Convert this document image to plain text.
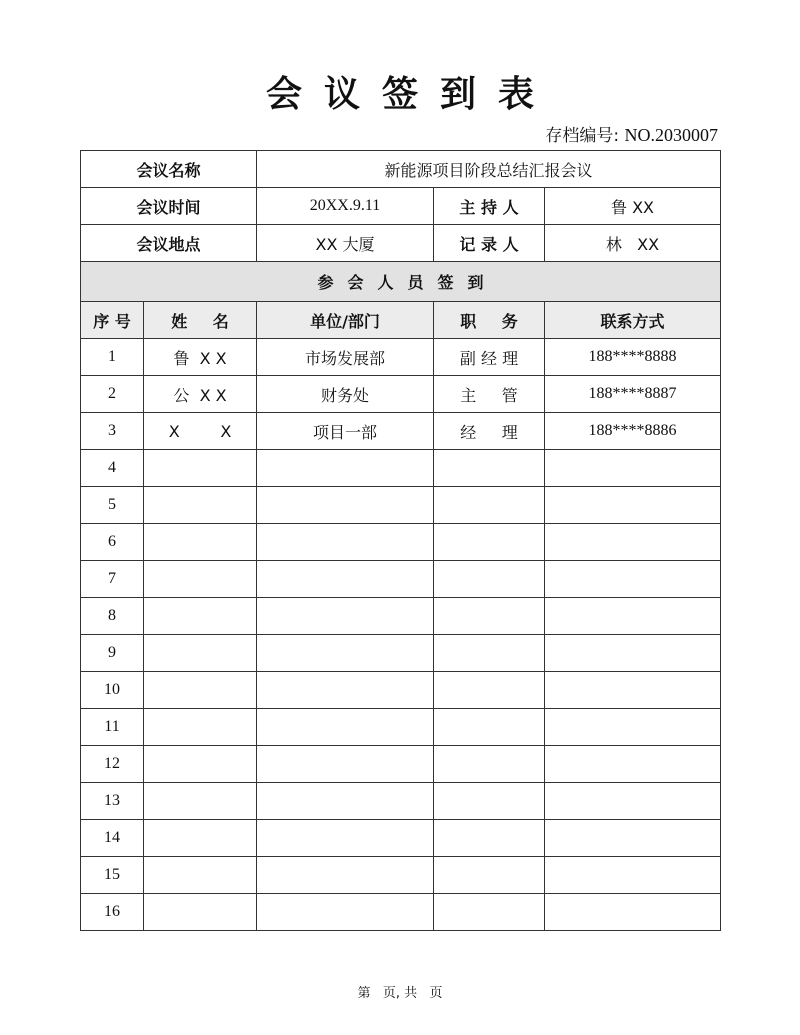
会议签到表
存档编号: NO.2030007
会议名称		新能源项目阶段总结汇报会议		
会议时间		20XX.9.11	主 持 人	鲁 XX
会议地点		XX 大厦	记 录 人	林   XX
参会人员签到				
序 号	姓 名	单位/部门	职 务	联系方式
1	鲁  X X	市场发展部	副 经 理	188****8888
2	公  X X	财务处	主     管	188****8887
3	X        X	项目一部	经     理	188****8886
4				
5				
6				
7				
8				
9				
10				
11				
12				
13				
14				
15				
16				
第   页, 共   页
